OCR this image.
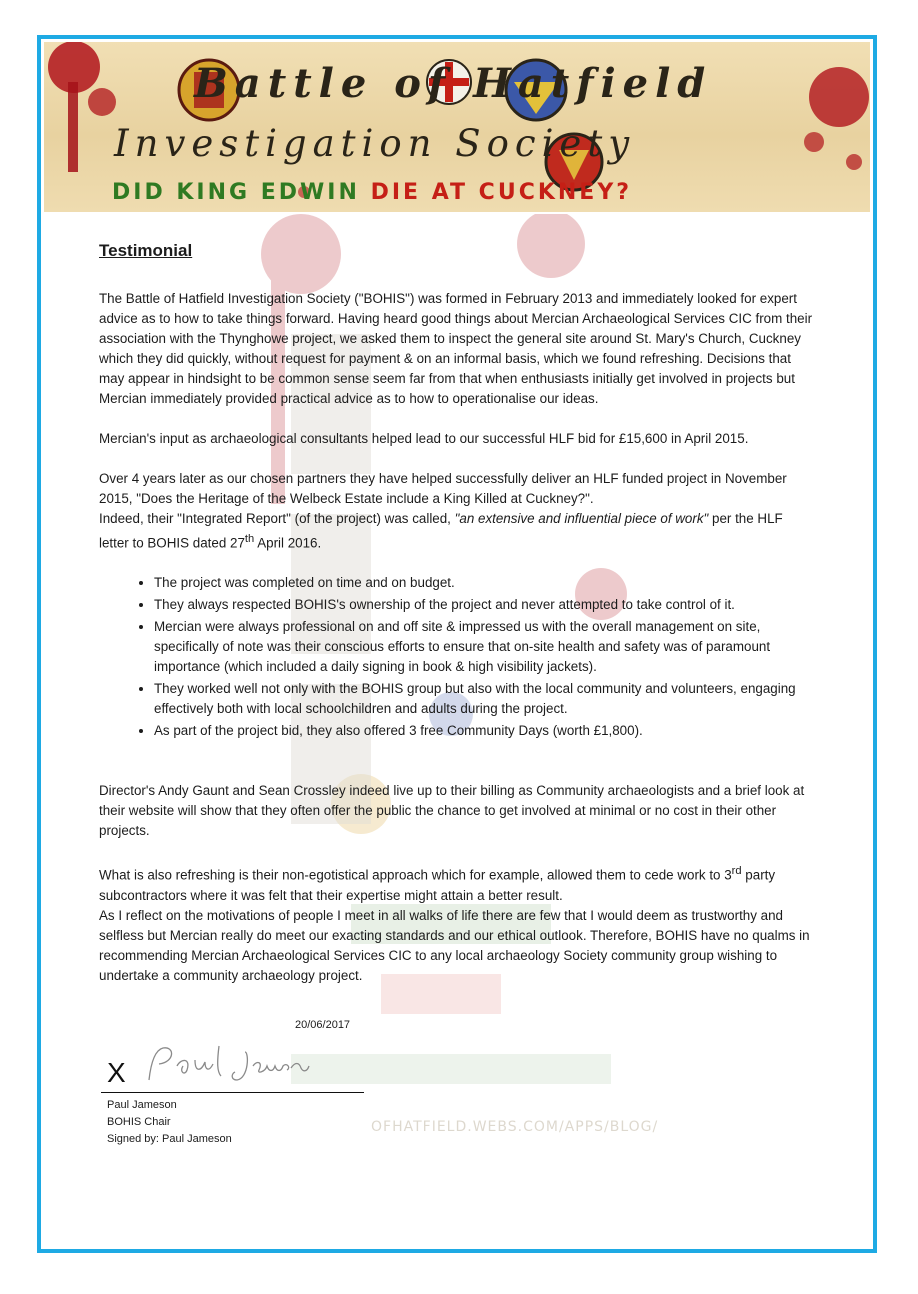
Battle of Hatfield
Investigation Society
DID KING EDWIN DIE AT CUCKNEY?
Testimonial

The Battle of Hatfield Investigation Society ("BOHIS") was formed in February 2013 and immediately looked for expert advice as to how to take things forward. Having heard good things about Mercian Archaeological Services CIC from their association with the Thynghowe project, we asked them to inspect the general site around St. Mary's Church, Cuckney which they did quickly, without request for payment & on an informal basis, which we found refreshing. Decisions that may appear in hindsight to be common sense seem far from that when enthusiasts initially get involved in projects but Mercian immediately provided practical advice as to how to operationalise our ideas.

Mercian's input as archaeological consultants helped lead to our successful HLF bid for £15,600 in April 2015.

Over 4 years later as our chosen partners they have helped successfully deliver an HLF funded project in November 2015, "Does the Heritage of the Welbeck Estate include a King Killed at Cuckney?".
Indeed, their "Integrated Report" (of the project) was called, "an extensive and influential piece of work" per the HLF letter to BOHIS dated 27th April 2016.

• The project was completed on time and on budget.
• They always respected BOHIS's ownership of the project and never attempted to take control of it.
• Mercian were always professional on and off site & impressed us with the overall management on site, specifically of note was their conscious efforts to ensure that on-site health and safety was of paramount importance (which included a daily signing in book & high visibility jackets).
• They worked well not only with the BOHIS group but also with the local community and volunteers, engaging effectively both with local schoolchildren and adults during the project.
• As part of the project bid, they also offered 3 free Community Days (worth £1,800).

Director's Andy Gaunt and Sean Crossley indeed live up to their billing as Community archaeologists and a brief look at their website will show that they often offer the public the chance to get involved at minimal or no cost in their other projects.

What is also refreshing is their non-egotistical approach which for example, allowed them to cede work to 3rd party subcontractors where it was felt that their expertise might attain a better result.

As I reflect on the motivations of people I meet in all walks of life there are few that I would deem as trustworthy and selfless but Mercian really do meet our exacting standards and our ethical outlook. Therefore, BOHIS have no qualms in recommending Mercian Archaeological Services CIC to any local archaeology Society community group wishing to undertake a community archaeology project.

20/06/2017
X
Paul Jameson
BOHIS Chair
Signed by: Paul Jameson
OFHATFIELD.WEBS.COM/APPS/BLOG/
